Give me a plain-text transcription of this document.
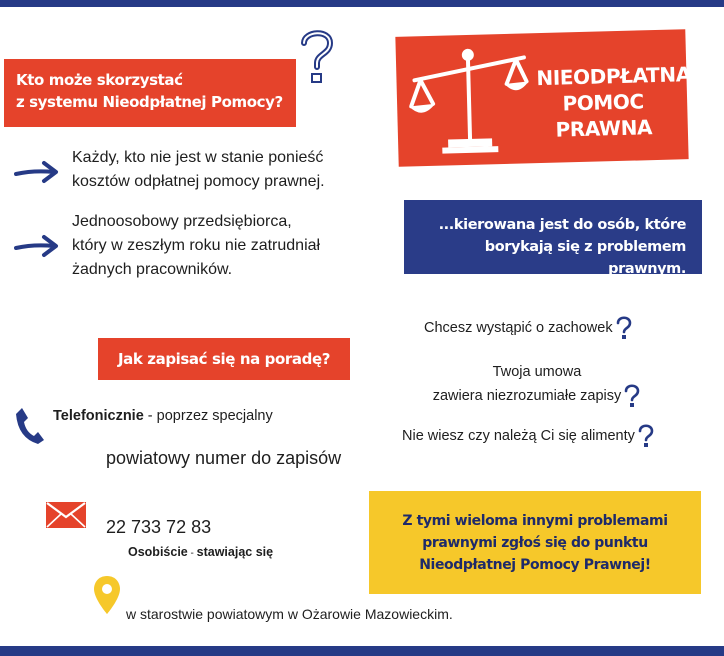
Kto może skorzystać
z systemu Nieodpłatnej Pomocy?
NIEODPŁATNA
POMOC
PRAWNA
Każdy, kto nie jest w stanie ponieść
kosztów odpłatnej pomocy prawnej.
Jednoosobowy przedsiębiorca,
który w zeszłym roku nie zatrudniał
żadnych pracowników.
...kierowana jest do osób, które
borykają się z problemem prawnym.
Chcesz wystąpić o zachowek
Twoja umowa
zawiera niezrozumiałe zapisy
Nie wiesz czy należą Ci się alimenty
Jak zapisać się na poradę?
Telefonicznie - poprzez specjalny
powiatowy numer do zapisów
22 733 72 83
Osobiście - stawiając się
w starostwie powiatowym w Ożarowie Mazowieckim.
Z tymi wieloma innymi problemami
prawnymi zgłoś się do punktu
Nieodpłatnej Pomocy Prawnej!
